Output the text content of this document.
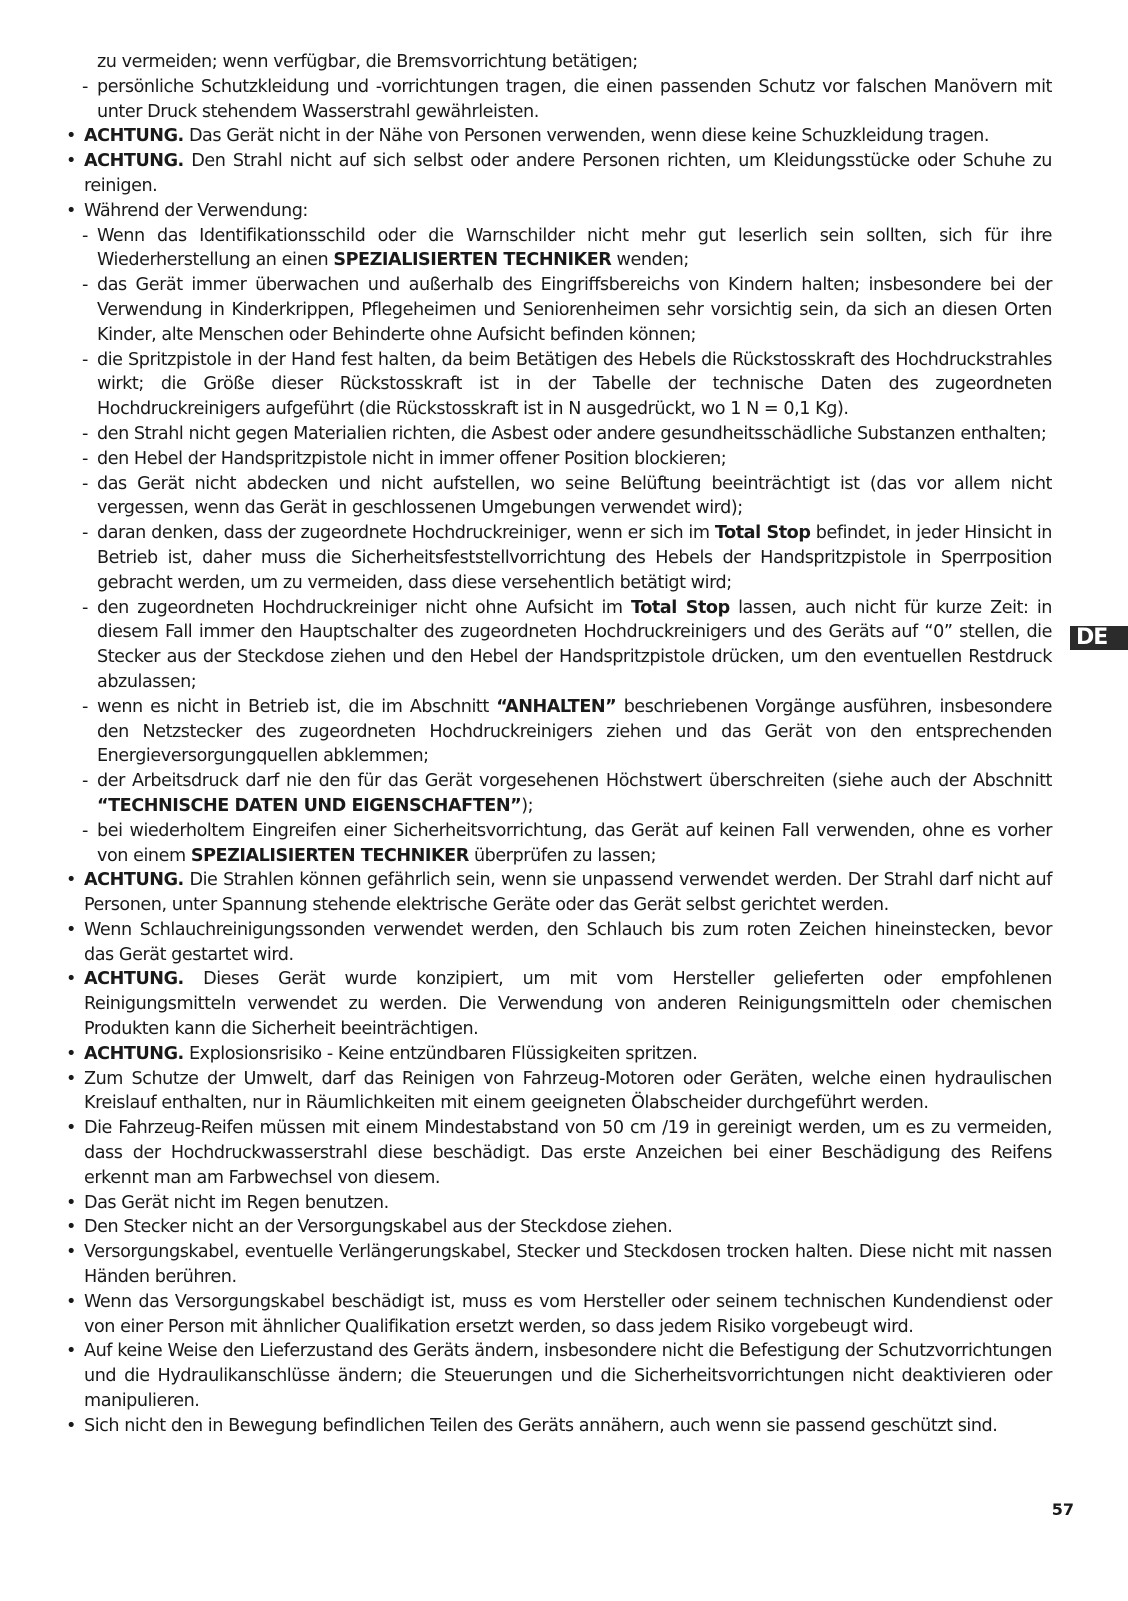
zu vermeiden; wenn verfügbar, die Bremsvorrichtung betätigen;
- persönliche Schutzkleidung und -vorrichtungen tragen, die einen passenden Schutz vor falschen Manövern mit unter Druck stehendem Wasserstrahl gewährleisten.
• ACHTUNG. Das Gerät nicht in der Nähe von Personen verwenden, wenn diese keine Schuzkleidung tragen.
• ACHTUNG. Den Strahl nicht auf sich selbst oder andere Personen richten, um Kleidungsstücke oder Schuhe zu reinigen.
• Während der Verwendung:
- Wenn das Identifikationsschild oder die Warnschilder nicht mehr gut leserlich sein sollten, sich für ihre Wiederherstellung an einen SPEZIALISIERTEN TECHNIKER wenden;
- das Gerät immer überwachen und außerhalb des Eingriffsbereichs von Kindern halten; insbesondere bei der Verwendung in Kinderkrippen, Pflegeheimen und Seniorenheimen sehr vorsichtig sein, da sich an diesen Orten Kinder, alte Menschen oder Behinderte ohne Aufsicht befinden können;
- die Spritzpistole in der Hand fest halten, da beim Betätigen des Hebels die Rückstosskraft des Hochdruckstrahles wirkt; die Größe dieser Rückstosskraft ist in der Tabelle der technische Daten des zugeordneten Hochdruckreinigers aufgeführt (die Rückstosskraft ist in N ausgedrückt, wo 1 N = 0,1 Kg).
- den Strahl nicht gegen Materialien richten, die Asbest oder andere gesundheitsschädliche Substanzen enthalten;
- den Hebel der Handspritzpistole nicht in immer offener Position blockieren;
- das Gerät nicht abdecken und nicht aufstellen, wo seine Belüftung beeinträchtigt ist (das vor allem nicht vergessen, wenn das Gerät in geschlossenen Umgebungen verwendet wird);
- daran denken, dass der zugeordnete Hochdruckreiniger, wenn er sich im Total Stop befindet, in jeder Hinsicht in Betrieb ist, daher muss die Sicherheitsfeststellvorrichtung des Hebels der Handspritzpistole in Sperrposition gebracht werden, um zu vermeiden, dass diese versehentlich betätigt wird;
- den zugeordneten Hochdruckreiniger nicht ohne Aufsicht im Total Stop lassen, auch nicht für kurze Zeit: in diesem Fall immer den Hauptschalter des zugeordneten Hochdruckreinigers und des Geräts auf “0” stellen, die Stecker aus der Steckdose ziehen und den Hebel der Handspritzpistole drücken, um den eventuellen Restdruck abzulassen;
- wenn es nicht in Betrieb ist, die im Abschnitt “ANHALTEN” beschriebenen Vorgänge ausführen, insbesondere den Netzstecker des zugeordneten Hochdruckreinigers ziehen und das Gerät von den entsprechenden Energieversorgungquellen abklemmen;
- der Arbeitsdruck darf nie den für das Gerät vorgesehenen Höchstwert überschreiten (siehe auch der Abschnitt “TECHNISCHE DATEN UND EIGENSCHAFTEN”);
- bei wiederholtem Eingreifen einer Sicherheitsvorrichtung, das Gerät auf keinen Fall verwenden, ohne es vorher von einem SPEZIALISIERTEN TECHNIKER überprüfen zu lassen;
• ACHTUNG. Die Strahlen können gefährlich sein, wenn sie unpassend verwendet werden. Der Strahl darf nicht auf Personen, unter Spannung stehende elektrische Geräte oder das Gerät selbst gerichtet werden.
• Wenn Schlauchreinigungssonden verwendet werden, den Schlauch bis zum roten Zeichen hineinstecken, bevor das Gerät gestartet wird.
• ACHTUNG. Dieses Gerät wurde konzipiert, um mit vom Hersteller gelieferten oder empfohlenen Reinigungsmitteln verwendet zu werden. Die Verwendung von anderen Reinigungsmitteln oder chemischen Produkten kann die Sicherheit beeinträchtigen.
• ACHTUNG. Explosionsrisiko - Keine entzündbaren Flüssigkeiten spritzen.
• Zum Schutze der Umwelt, darf das Reinigen von Fahrzeug-Motoren oder Geräten, welche einen hydraulischen Kreislauf enthalten, nur in Räumlichkeiten mit einem geeigneten Ölabscheider durchgeführt werden.
• Die Fahrzeug-Reifen müssen mit einem Mindestabstand von 50 cm /19 in gereinigt werden, um es zu vermeiden, dass der Hochdruckwasserstrahl diese beschädigt. Das erste Anzeichen bei einer Beschädigung des Reifens erkennt man am Farbwechsel von diesem.
• Das Gerät nicht im Regen benutzen.
• Den Stecker nicht an der Versorgungskabel aus der Steckdose ziehen.
• Versorgungskabel, eventuelle Verlängerungskabel, Stecker und Steckdosen trocken halten. Diese nicht mit nassen Händen berühren.
• Wenn das Versorgungskabel beschädigt ist, muss es vom Hersteller oder seinem technischen Kundendienst oder von einer Person mit ähnlicher Qualifikation ersetzt werden, so dass jedem Risiko vorgebeugt wird.
• Auf keine Weise den Lieferzustand des Geräts ändern, insbesondere nicht die Befestigung der Schutzvorrichtungen und die Hydraulikanschlüsse ändern; die Steuerungen und die Sicherheitsvorrichtungen nicht deaktivieren oder manipulieren.
• Sich nicht den in Bewegung befindlichen Teilen des Geräts annähern, auch wenn sie passend geschützt sind.
DE
57
